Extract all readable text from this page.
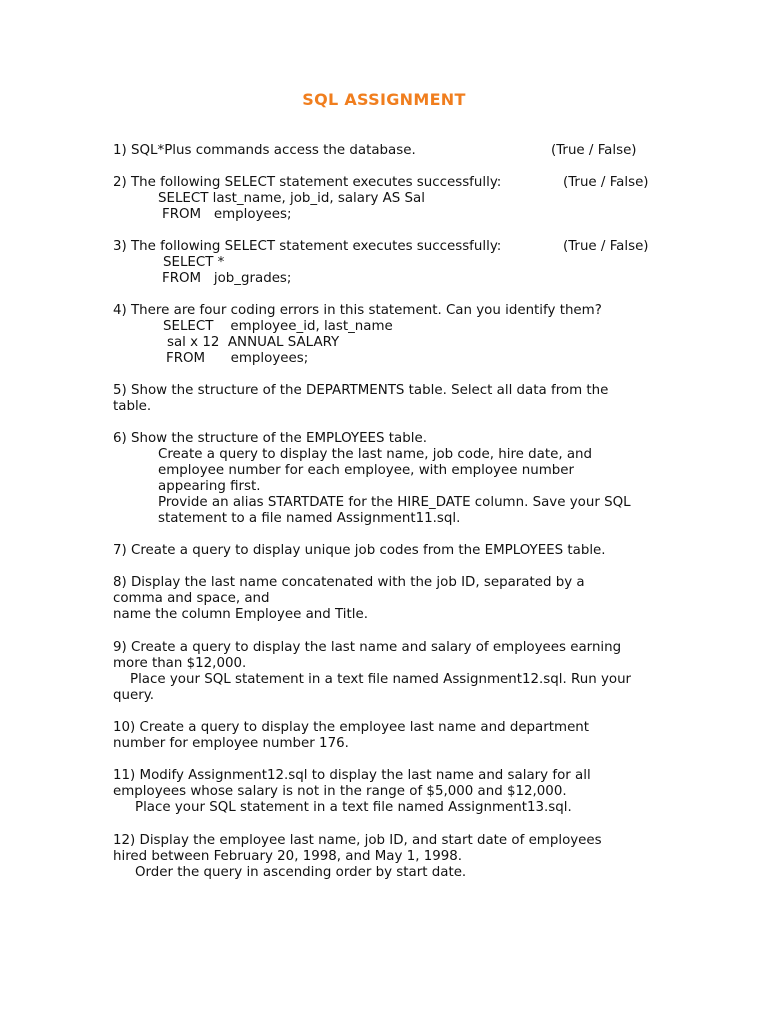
SQL ASSIGNMENT
1) SQL*Plus commands access the database.	(True / False)
2) The following SELECT statement executes successfully:	(True / False)
SELECT last_name, job_id, salary AS Sal
FROM   employees;
3) The following SELECT statement executes successfully:	(True / False)
SELECT *
FROM   job_grades;
4) There are four coding errors in this statement. Can you identify them?
SELECT    employee_id, last_name
sal x 12  ANNUAL SALARY
FROM      employees;
5) Show the structure of the DEPARTMENTS table. Select all data from the
table.
6) Show the structure of the EMPLOYEES table.
Create a query to display the last name, job code, hire date, and
employee number for each employee, with employee number
appearing first.
Provide an alias STARTDATE for the HIRE_DATE column. Save your SQL
statement to a file named Assignment11.sql.
7) Create a query to display unique job codes from the EMPLOYEES table.
8) Display the last name concatenated with the job ID, separated by a
comma and space, and
name the column Employee and Title.
9) Create a query to display the last name and salary of employees earning
more than $12,000.
Place your SQL statement in a text file named Assignment12.sql. Run your
query.
10) Create a query to display the employee last name and department
number for employee number 176.
11) Modify Assignment12.sql to display the last name and salary for all
employees whose salary is not in the range of $5,000 and $12,000.
Place your SQL statement in a text file named Assignment13.sql.
12) Display the employee last name, job ID, and start date of employees
hired between February 20, 1998, and May 1, 1998.
Order the query in ascending order by start date.
